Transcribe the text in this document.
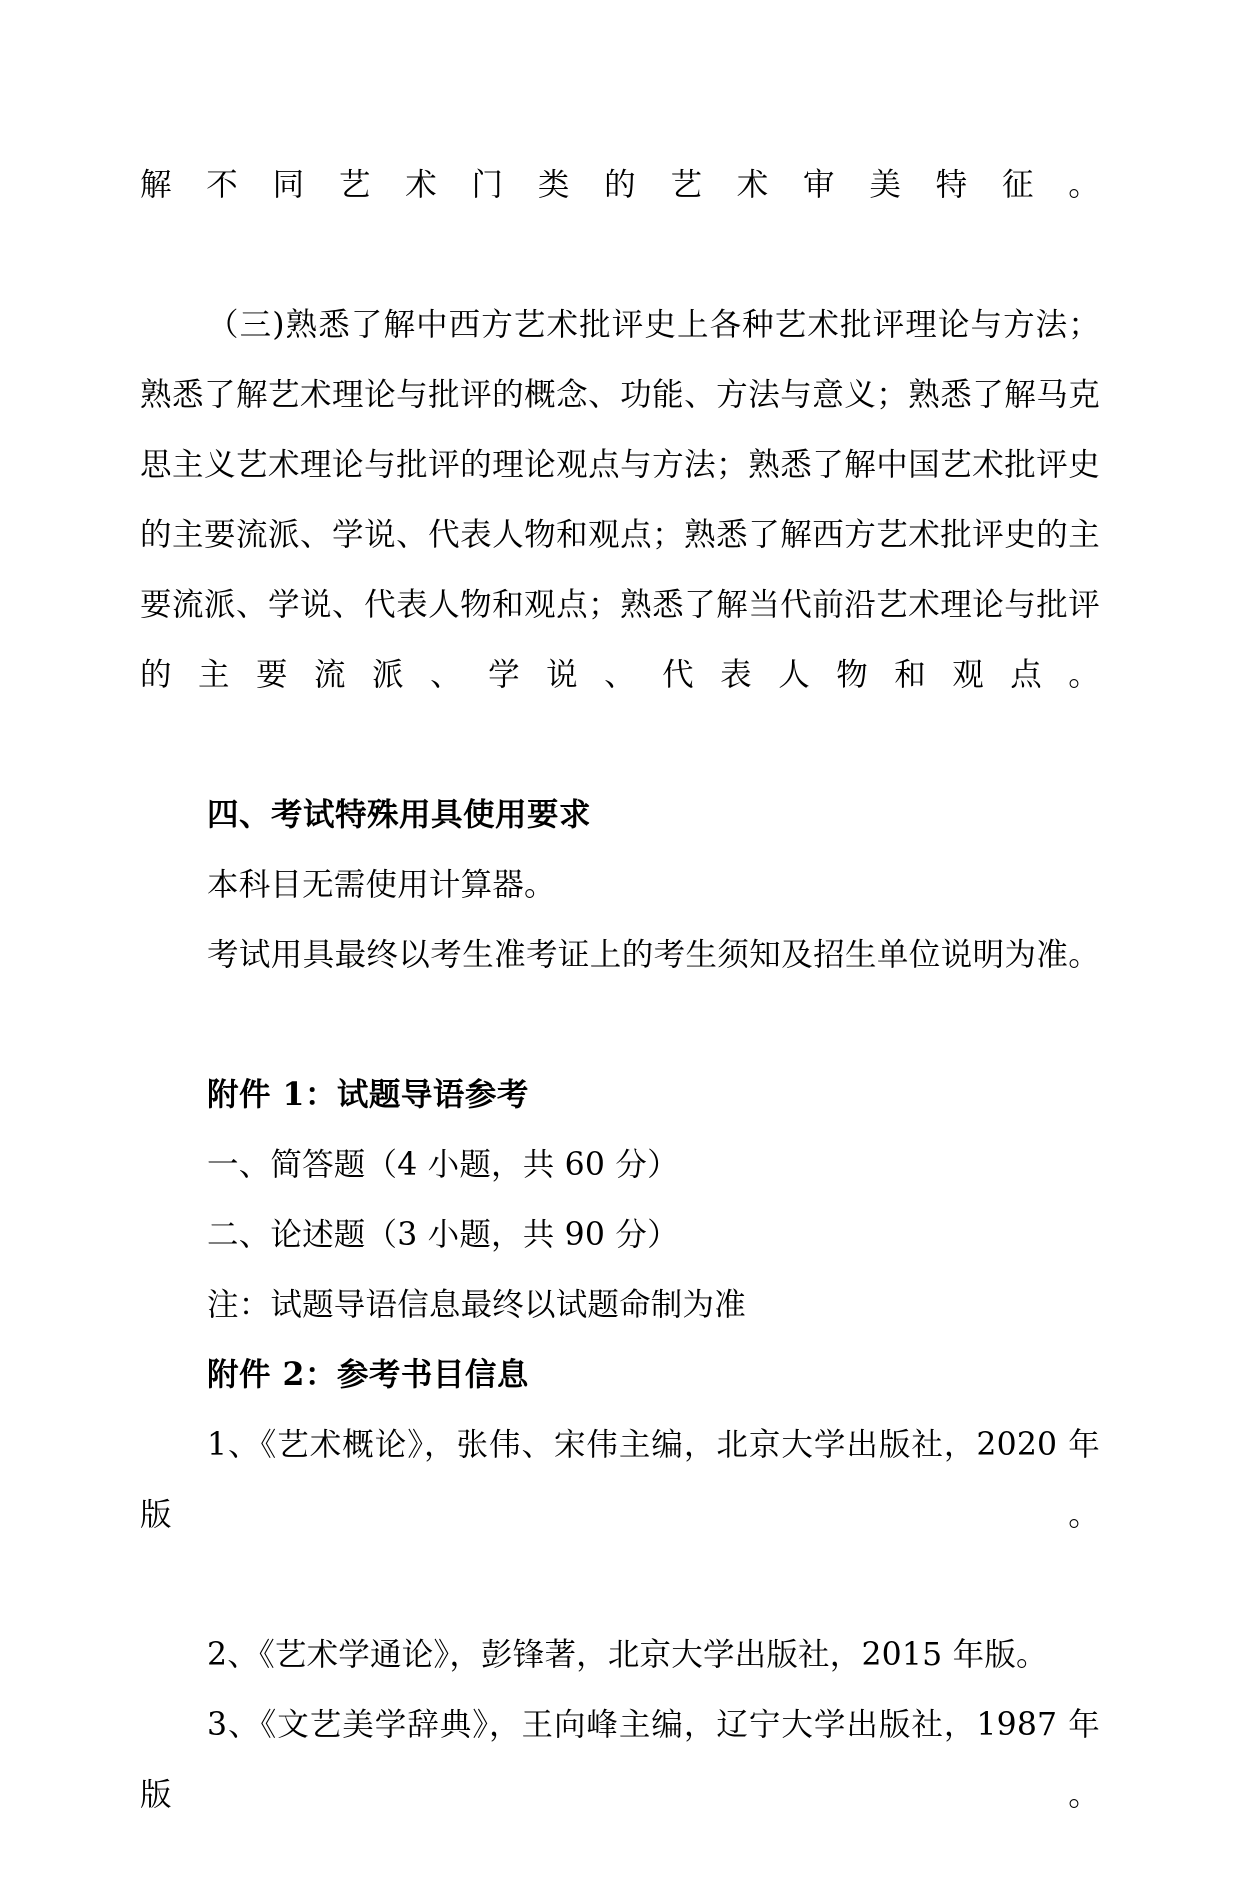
解不同艺术门类的艺术审美特征。

（三)熟悉了解中西方艺术批评史上各种艺术批评理论与方法；熟悉了解艺术理论与批评的概念、功能、方法与意义；熟悉了解马克思主义艺术理论与批评的理论观点与方法；熟悉了解中国艺术批评史的主要流派、学说、代表人物和观点；熟悉了解西方艺术批评史的主要流派、学说、代表人物和观点；熟悉了解当代前沿艺术理论与批评的主要流派、学说、代表人物和观点。

四、考试特殊用具使用要求

本科目无需使用计算器。

考试用具最终以考生准考证上的考生须知及招生单位说明为准。

附件 1：试题导语参考

一、简答题（4 小题，共 60 分）

二、论述题（3 小题，共 90 分）

注：试题导语信息最终以试题命制为准

附件 2：参考书目信息

1、《艺术概论》，张伟、宋伟主编，北京大学出版社，2020 年版。

2、《艺术学通论》，彭锋著，北京大学出版社，2015 年版。

3、《文艺美学辞典》，王向峰主编，辽宁大学出版社，1987 年版。
